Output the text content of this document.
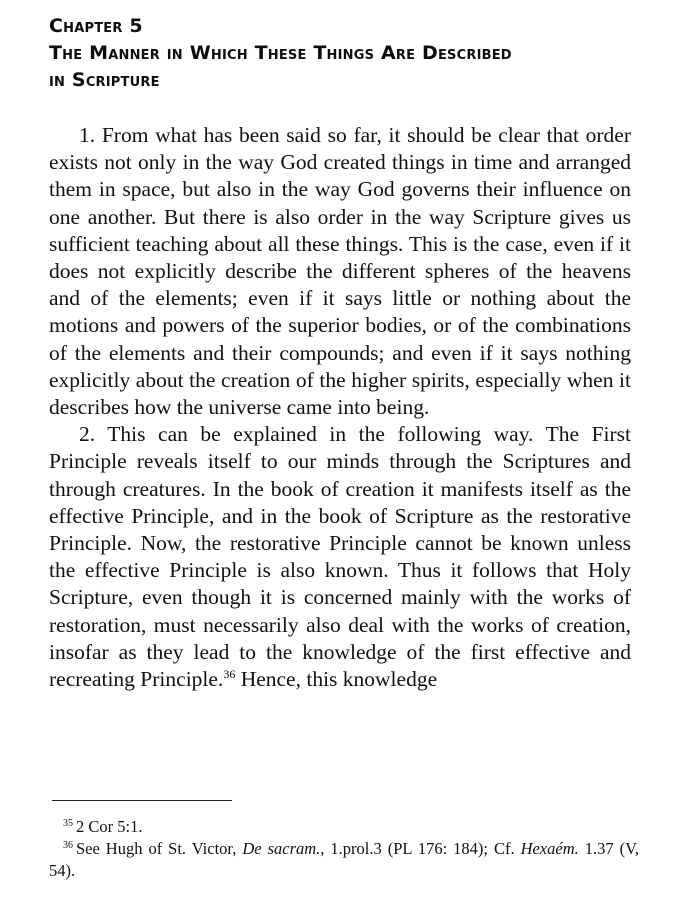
Chapter 5
The Manner in Which These Things Are Described
in Scripture

1. From what has been said so far, it should be clear that order exists not only in the way God created things in time and arranged them in space, but also in the way God governs their influence on one another. But there is also order in the way Scripture gives us sufficient teaching about all these things. This is the case, even if it does not explicitly describe the different spheres of the heavens and of the elements; even if it says little or nothing about the motions and powers of the superior bodies, or of the combinations of the elements and their compounds; and even if it says nothing explicitly about the creation of the higher spirits, especially when it describes how the universe came into being.

2. This can be explained in the following way. The First Principle reveals itself to our minds through the Scriptures and through creatures. In the book of creation it manifests itself as the effective Principle, and in the book of Scripture as the restorative Principle. Now, the restorative Principle cannot be known unless the effective Principle is also known. Thus it follows that Holy Scripture, even though it is concerned mainly with the works of restoration, must necessarily also deal with the works of creation, insofar as they lead to the knowledge of the first effective and recreating Principle.$^{36}$ Hence, this knowledge

$^{35}$ 2 Cor 5:1.

$^{36}$ See Hugh of St. Victor, De sacram., 1.prol.3 (PL 176: 184); Cf. Hexaém. 1.37 (V, 54).
